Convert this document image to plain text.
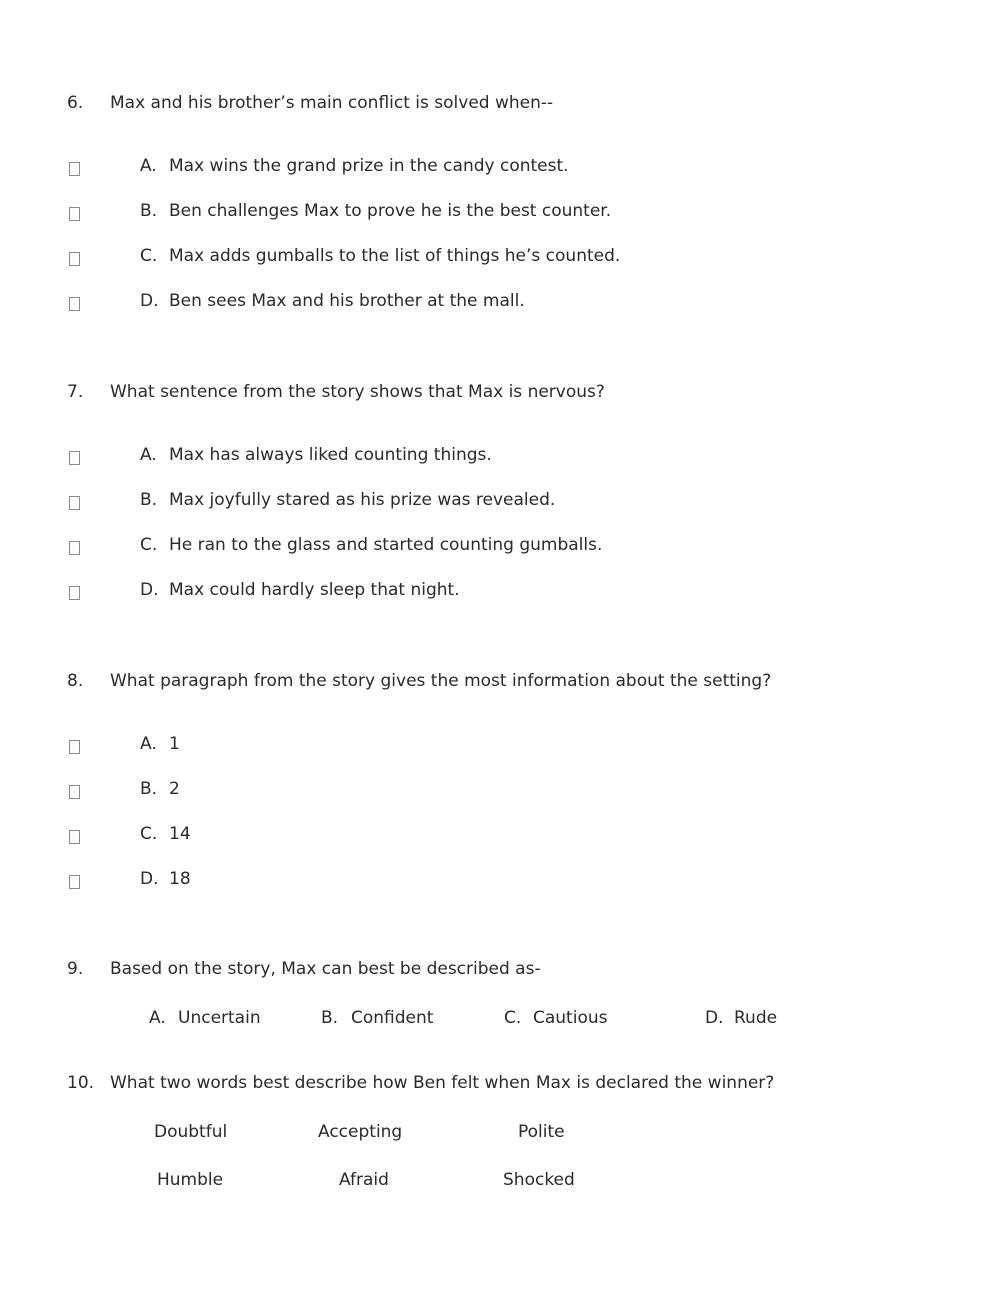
6. Max and his brother’s main conflict is solved when--
A. Max wins the grand prize in the candy contest.
B. Ben challenges Max to prove he is the best counter.
C. Max adds gumballs to the list of things he’s counted.
D. Ben sees Max and his brother at the mall.
7. What sentence from the story shows that Max is nervous?
A. Max has always liked counting things.
B. Max joyfully stared as his prize was revealed.
C. He ran to the glass and started counting gumballs.
D. Max could hardly sleep that night.
8. What paragraph from the story gives the most information about the setting?
A. 1
B. 2
C. 14
D. 18
9. Based on the story, Max can best be described as-
A. Uncertain	B. Confident	C. Cautious	D. Rude
10. What two words best describe how Ben felt when Max is declared the winner?
Doubtful	Accepting	Polite
Humble	Afraid	Shocked
